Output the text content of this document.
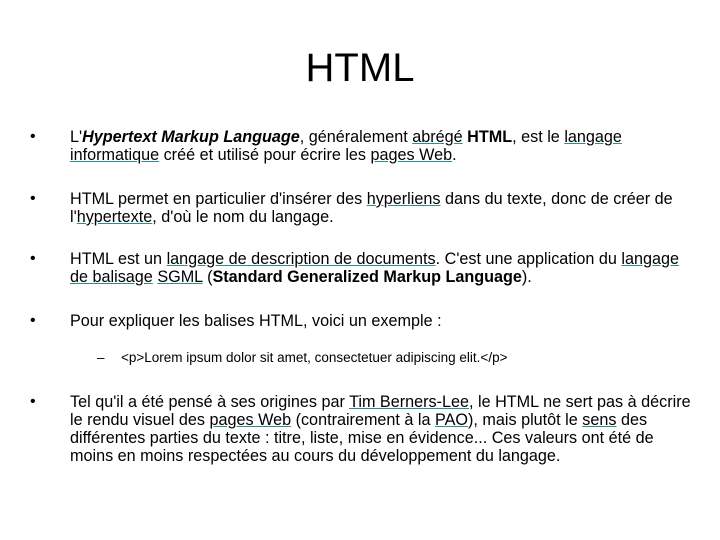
HTML
• L'Hypertext Markup Language, généralement abrégé HTML, est le langage informatique créé et utilisé pour écrire les pages Web.
• HTML permet en particulier d'insérer des hyperliens dans du texte, donc de créer de l'hypertexte, d'où le nom du langage.
• HTML est un langage de description de documents. C'est une application du langage de balisage SGML (Standard Generalized Markup Language).
• Pour expliquer les balises HTML, voici un exemple :
– <p>Lorem ipsum dolor sit amet, consectetuer adipiscing elit.</p>
• Tel qu'il a été pensé à ses origines par Tim Berners-Lee, le HTML ne sert pas à décrire le rendu visuel des pages Web (contrairement à la PAO), mais plutôt le sens des différentes parties du texte : titre, liste, mise en évidence... Ces valeurs ont été de moins en moins respectées au cours du développement du langage.
